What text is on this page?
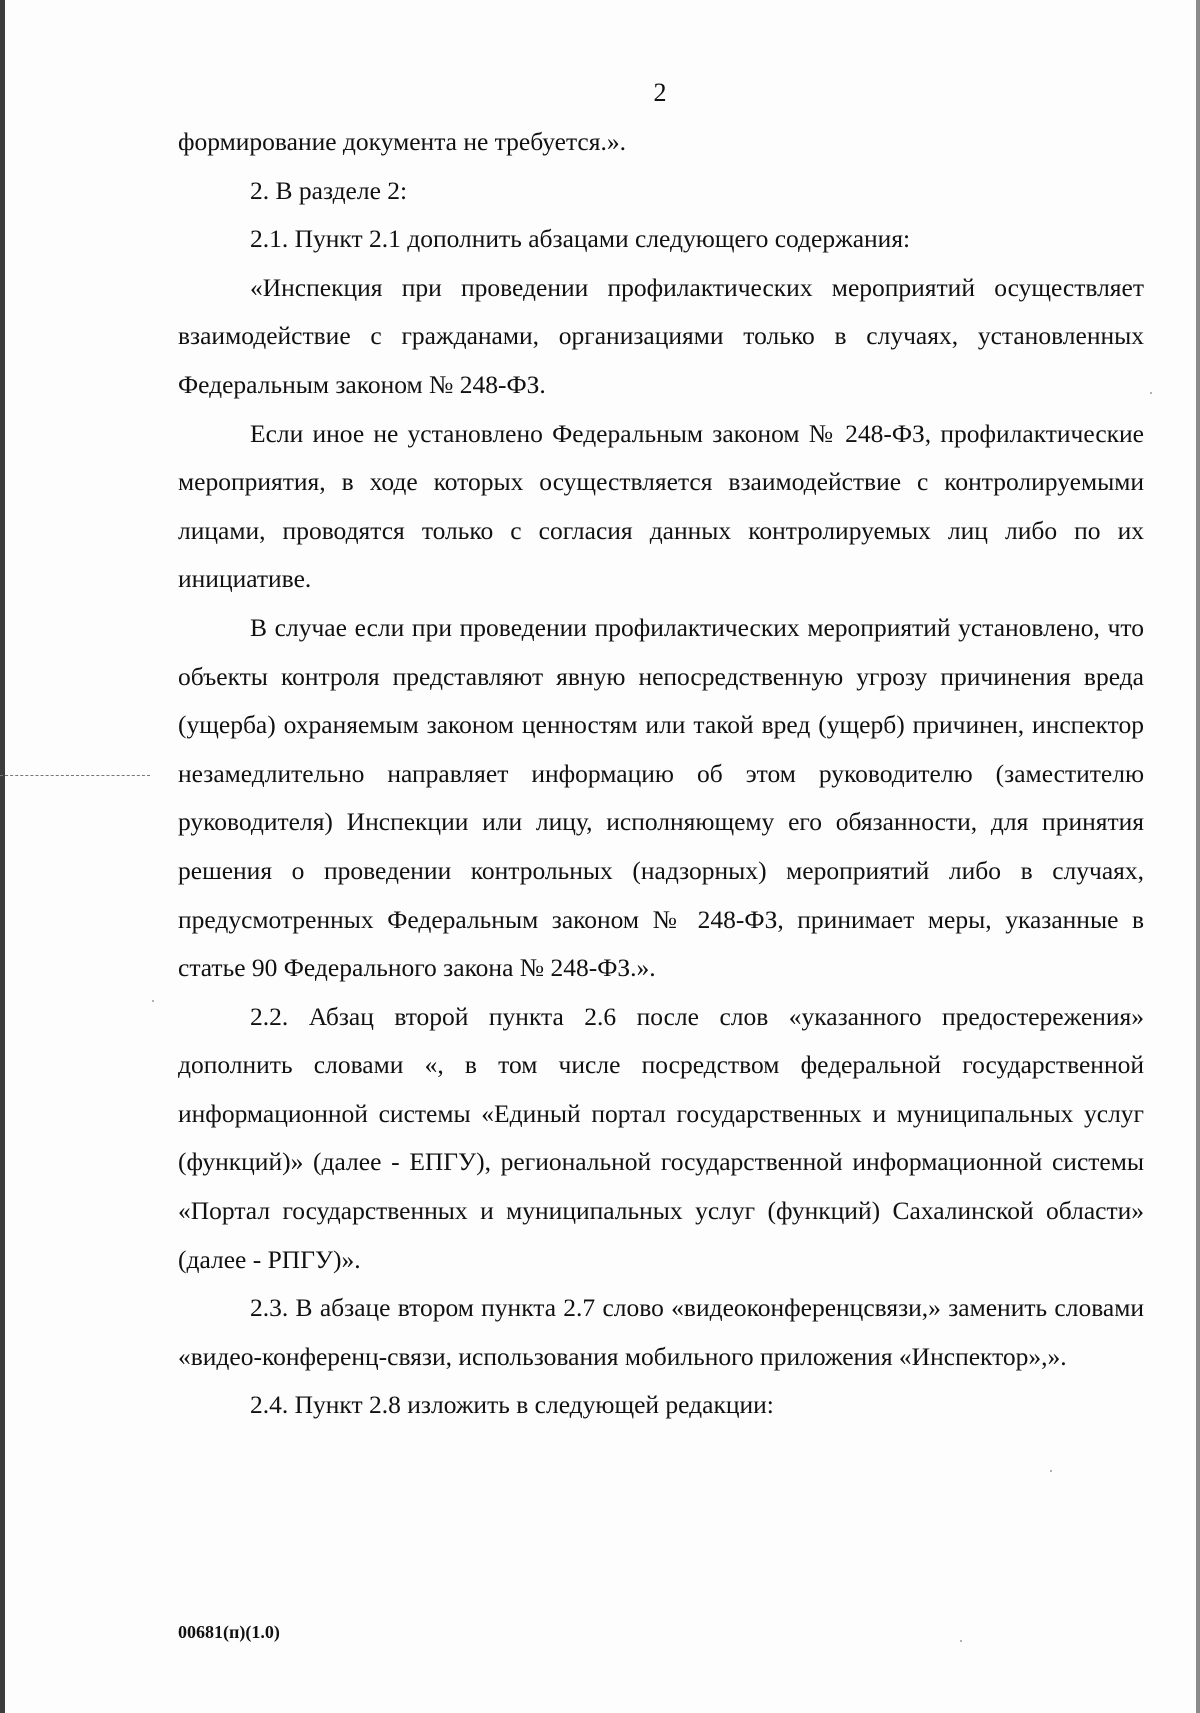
2

формирование документа не требуется.».

2. В разделе 2:

2.1. Пункт 2.1 дополнить абзацами следующего содержания:

«Инспекция при проведении профилактических мероприятий осуществляет взаимодействие с гражданами, организациями только в случаях, установленных Федеральным законом № 248-ФЗ.

Если иное не установлено Федеральным законом № 248-ФЗ, профилактические мероприятия, в ходе которых осуществляется взаимодействие с контролируемыми лицами, проводятся только с согласия данных контролируемых лиц либо по их инициативе.

В случае если при проведении профилактических мероприятий установлено, что объекты контроля представляют явную непосредственную угрозу причинения вреда (ущерба) охраняемым законом ценностям или такой вред (ущерб) причинен, инспектор незамедлительно направляет информацию об этом руководителю (заместителю руководителя) Инспекции или лицу, исполняющему его обязанности, для принятия решения о проведении контрольных (надзорных) мероприятий либо в случаях, предусмотренных Федеральным законом № 248-ФЗ, принимает меры, указанные в статье 90 Федерального закона № 248-ФЗ.».

2.2. Абзац второй пункта 2.6 после слов «указанного предостережения» дополнить словами «, в том числе посредством федеральной государственной информационной системы «Единый портал государственных и муниципальных услуг (функций)» (далее - ЕПГУ), региональной государственной информационной системы «Портал государственных и муниципальных услуг (функций) Сахалинской области» (далее - РПГУ)».

2.3. В абзаце втором пункта 2.7 слово «видеоконференцсвязи,» заменить словами «видео-конференц-связи, использования мобильного приложения «Инспектор»,».

2.4. Пункт 2.8 изложить в следующей редакции:

00681(п)(1.0)
